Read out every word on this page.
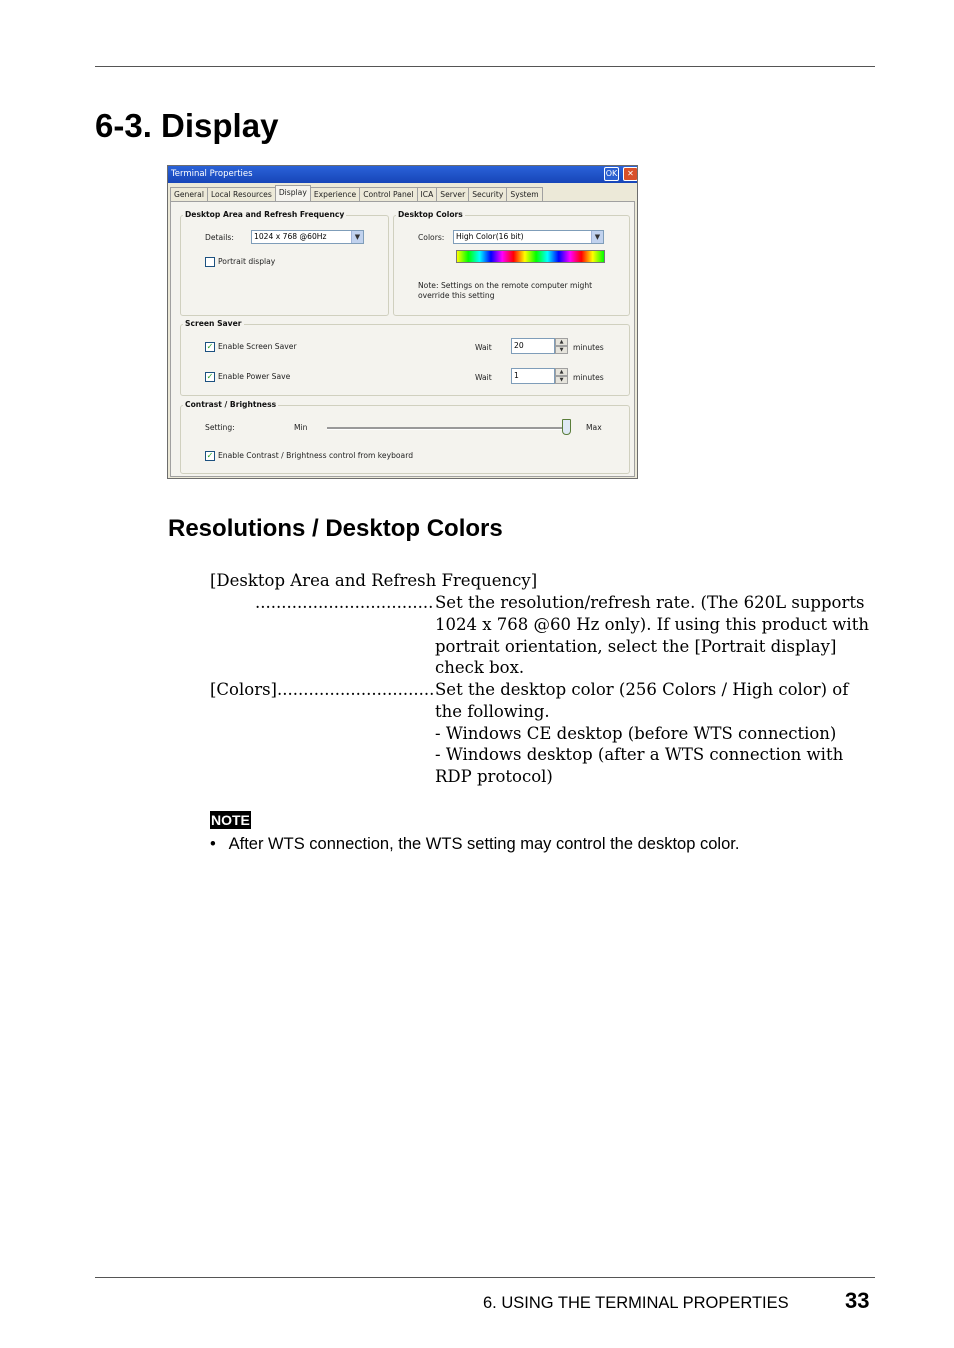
6-3. Display
Terminal Properties	OK	✕
General Local Resources Display Experience Control Panel ICA Server Security System
Desktop Area and Refresh Frequency
Details:	1024 x 768 @60Hz	▼
Portrait display
Desktop Colors
Colors:	High Color(16 bit)	▼
Note: Settings on the remote computer might
override this setting
Screen Saver
✓ Enable Screen Saver	Wait	20	▲
▼	minutes
✓ Enable Power Save	Wait	1	▲
▼	minutes
Contrast / Brightness
Setting:	Min	Max
✓ Enable Contrast / Brightness control from keyboard
Resolutions / Desktop Colors
[Desktop Area and Refresh Frequency]
.................................. Set the resolution/refresh rate. (The 620L supports 1024 x 768 @60 Hz only). If using this product with portrait orientation, select the [Portrait display] check box.
[Colors].............................. Set the desktop color (256 Colors / High color) of the following.
- Windows CE desktop (before WTS connection)
- Windows desktop (after a WTS connection with RDP protocol)
NOTE
• After WTS connection, the WTS setting may control the desktop color.
6. USING THE TERMINAL PROPERTIES	33
